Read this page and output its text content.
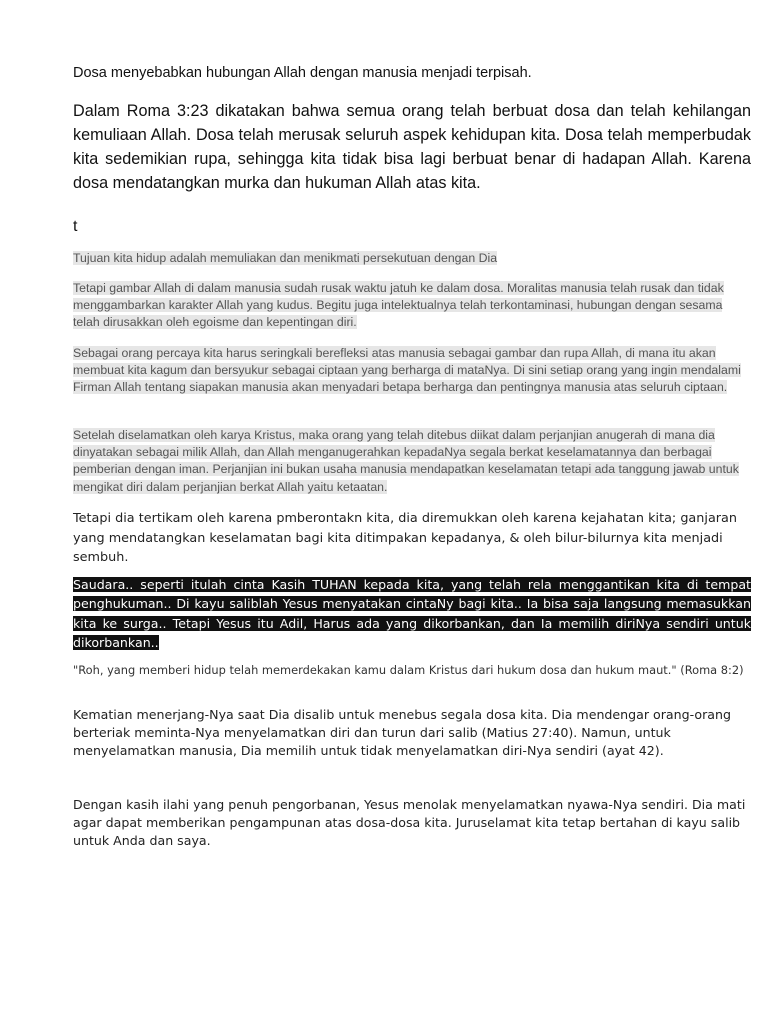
Dosa menyebabkan hubungan Allah dengan manusia menjadi terpisah.

Dalam Roma 3:23 dikatakan bahwa semua orang telah berbuat dosa dan telah kehilangan kemuliaan Allah. Dosa telah merusak seluruh aspek kehidupan kita. Dosa telah memperbudak kita sedemikian rupa, sehingga kita tidak bisa lagi berbuat benar di hadapan Allah. Karena dosa mendatangkan murka dan hukuman Allah atas kita.

t

Tujuan kita hidup adalah memuliakan dan menikmati persekutuan dengan Dia

Tetapi gambar Allah di dalam manusia sudah rusak waktu jatuh ke dalam dosa. Moralitas manusia telah rusak dan tidak menggambarkan karakter Allah yang kudus. Begitu juga intelektualnya telah terkontaminasi, hubungan dengan sesama telah dirusakkan oleh egoisme dan kepentingan diri.

Sebagai orang percaya kita harus seringkali berefleksi atas manusia sebagai gambar dan rupa Allah, di mana itu akan membuat kita kagum dan bersyukur sebagai ciptaan yang berharga di mataNya. Di sini setiap orang yang ingin mendalami Firman Allah tentang siapakan manusia akan menyadari betapa berharga dan pentingnya manusia atas seluruh ciptaan.

Setelah diselamatkan oleh karya Kristus, maka orang yang telah ditebus diikat dalam perjanjian anugerah di mana dia dinyatakan sebagai milik Allah, dan Allah menganugerahkan kepadaNya segala berkat keselamatannya dan berbagai pemberian dengan iman. Perjanjian ini bukan usaha manusia mendapatkan keselamatan tetapi ada tanggung jawab untuk mengikat diri dalam perjanjian berkat Allah yaitu ketaatan.

Tetapi dia tertikam oleh karena pmberontakn kita, dia diremukkan oleh karena kejahatan kita; ganjaran yang mendatangkan keselamatan bagi kita ditimpakan kepadanya, & oleh bilur-bilurnya kita menjadi sembuh.

Saudara.. seperti itulah cinta Kasih TUHAN kepada kita, yang telah rela menggantikan kita di tempat penghukuman.. Di kayu saliblah Yesus menyatakan cintaNy bagi kita.. Ia bisa saja langsung memasukkan kita ke surga.. Tetapi Yesus itu Adil, Harus ada yang dikorbankan, dan Ia memilih diriNya sendiri untuk dikorbankan..

"Roh, yang memberi hidup telah memerdekakan kamu dalam Kristus dari hukum dosa dan hukum maut." (Roma 8:2)

Kematian menerjang-Nya saat Dia disalib untuk menebus segala dosa kita. Dia mendengar orang-orang berteriak meminta-Nya menyelamatkan diri dan turun dari salib (Matius 27:40). Namun, untuk menyelamatkan manusia, Dia memilih untuk tidak menyelamatkan diri-Nya sendiri (ayat 42).

Dengan kasih ilahi yang penuh pengorbanan, Yesus menolak menyelamatkan nyawa-Nya sendiri. Dia mati agar dapat memberikan pengampunan atas dosa-dosa kita. Juruselamat kita tetap bertahan di kayu salib untuk Anda dan saya.
